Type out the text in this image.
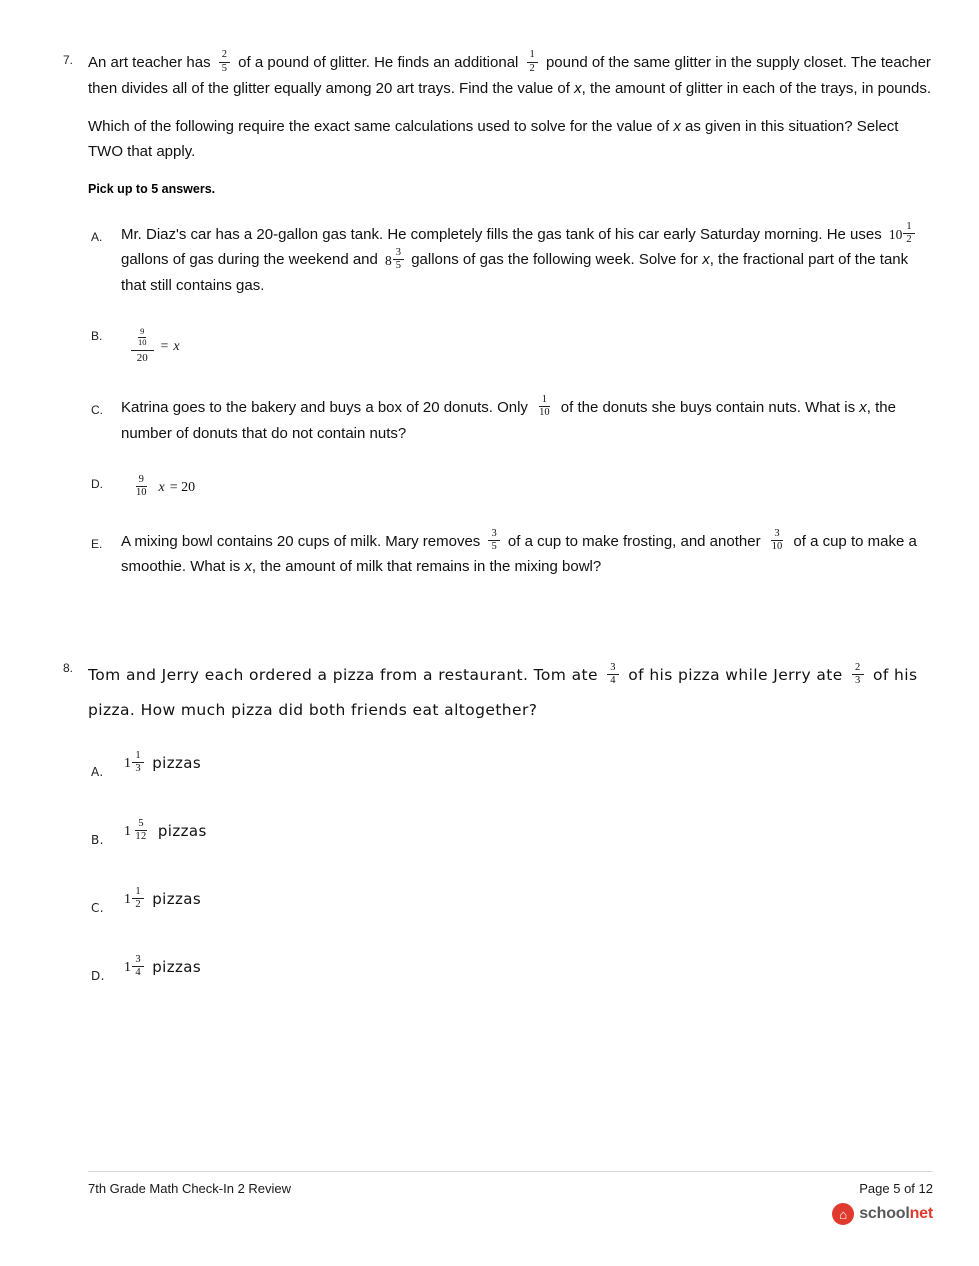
7. An art teacher has $\frac{2}{5}$ of a pound of glitter. He finds an additional $\frac{1}{2}$ pound of the same glitter in the supply closet. The teacher then divides all of the glitter equally among 20 art trays. Find the value of x, the amount of glitter in each of the trays, in pounds.

Which of the following require the exact same calculations used to solve for the value of x as given in this situation? Select TWO that apply.

Pick up to 5 answers.

A.	Mr. Diaz's car has a 20-gallon gas tank. He completely fills the gas tank of his car early Saturday morning. He uses $10 \frac{1}{2}$
gallons of gas during the weekend and $8 \frac{3}{5}$ gallons of gas the following week. Solve for x, the fractional part of the tank that still contains gas.
B.	$\frac{\frac{9}{10}}{20} = x$
C.	Katrina goes to the bakery and buys a box of 20 donuts. Only $\frac{1}{10}$ of the donuts she buys contain nuts. What is x, the number of donuts that do not contain nuts?
D.	$\frac{9}{10}$ x = 20
E.	A mixing bowl contains 20 cups of milk. Mary removes $\frac{3}{5}$ of a cup to make frosting, and another $\frac{3}{10}$ of a cup to make a smoothie. What is x, the amount of milk that remains in the mixing bowl?
8. Tom and Jerry each ordered a pizza from a restaurant. Tom ate $\frac{3}{4}$ of his pizza while Jerry ate $\frac{2}{3}$ of his pizza. How much pizza did both friends eat altogether?

A.
$1 \frac{1}{3}$ pizzas
B.
$1 \frac{5}{12}$ pizzas
C.
$1 \frac{1}{2}$ pizzas
D.
$1 \frac{3}{4}$ pizzas
7th Grade Math Check-In 2 Review	Page 5 of 12
⌂ schoolnet
